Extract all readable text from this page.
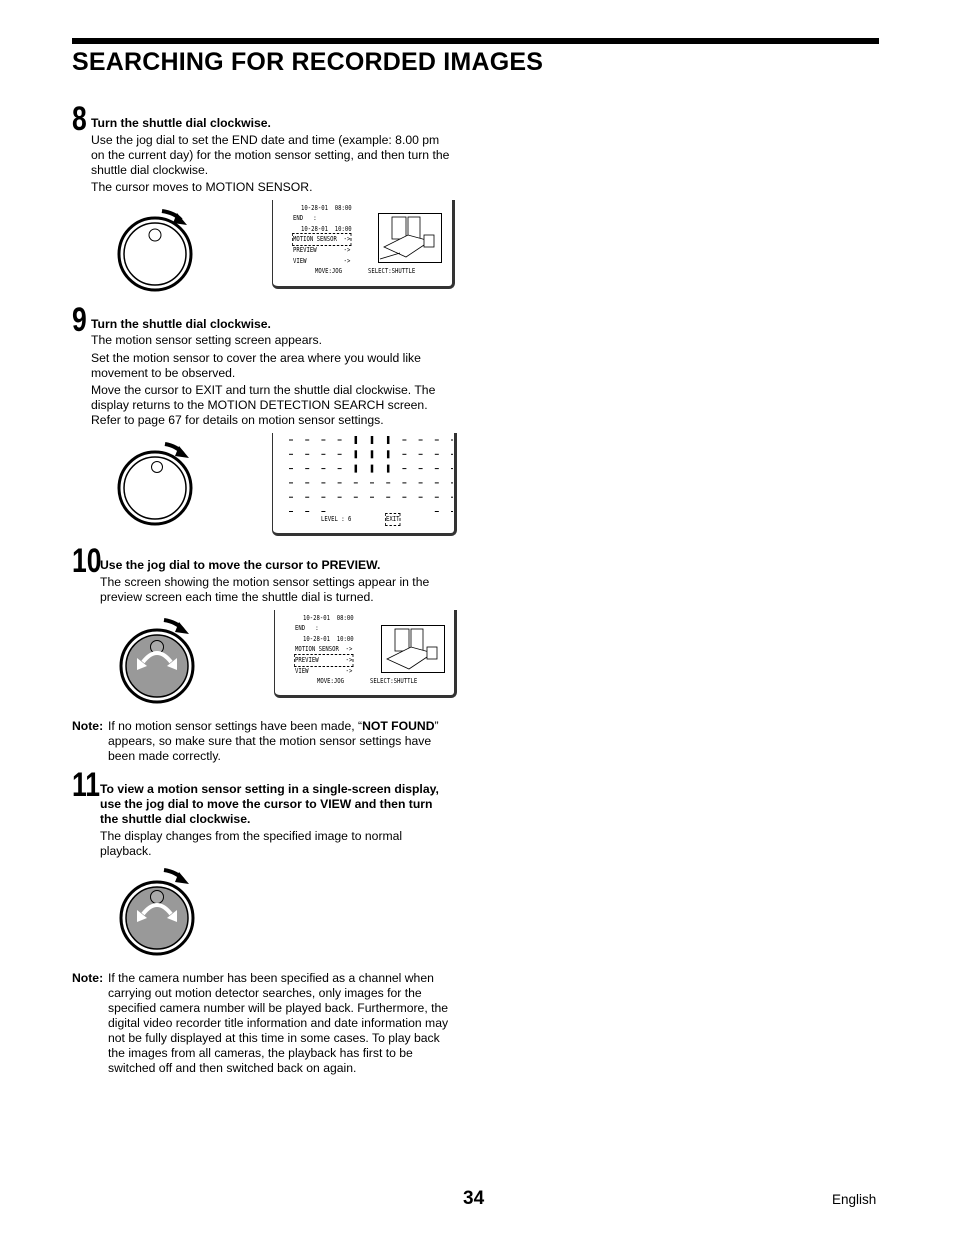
SEARCHING FOR RECORDED IMAGES
8 Turn the shuttle dial clockwise.
Use the jog dial to set the END date and time (example: 8.00 pm
on the current day) for the motion sensor setting, and then turn the
shuttle dial clockwise.
The cursor moves to MOTION SENSOR.
10-28-01  08:00
END   :
10-28-01  10:00
MOTION SENSOR  ->
PREVIEW        ->
VIEW           ->
MOVE:JOG	SELECT:SHUTTLE
9 Turn the shuttle dial clockwise.
The motion sensor setting screen appears.
Set the motion sensor to cover the area where you would like
movement to be observed.
Move the cursor to EXIT and turn the shuttle dial clockwise. The
display returns to the MOTION DETECTION SEARCH screen.
Refer to page 67 for details on motion sensor settings.
LEVEL : 6	EXIT
10
Use the jog dial to move the cursor to PREVIEW.
The screen showing the motion sensor settings appear in the
preview screen each time the shuttle dial is turned.
10-28-01  08:00
END   :
10-28-01  10:00
MOTION SENSOR  ->
PREVIEW        ->
VIEW           ->
MOVE:JOG	SELECT:SHUTTLE
Note: If no motion sensor settings have been made, “NOT FOUND”
appears, so make sure that the motion sensor settings have
been made correctly.
11 To view a motion sensor setting in a single-screen display,
use the jog dial to move the cursor to VIEW and then turn
the shuttle dial clockwise.
The display changes from the specified image to normal
playback.
Note: If the camera number has been specified as a channel when
carrying out motion detector searches, only images for the
specified camera number will be played back. Furthermore, the
digital video recorder title information and date information may
not be fully displayed at this time in some cases. To play back
the images from all cameras, the playback has first to be
switched off and then switched back on again.
34	English
